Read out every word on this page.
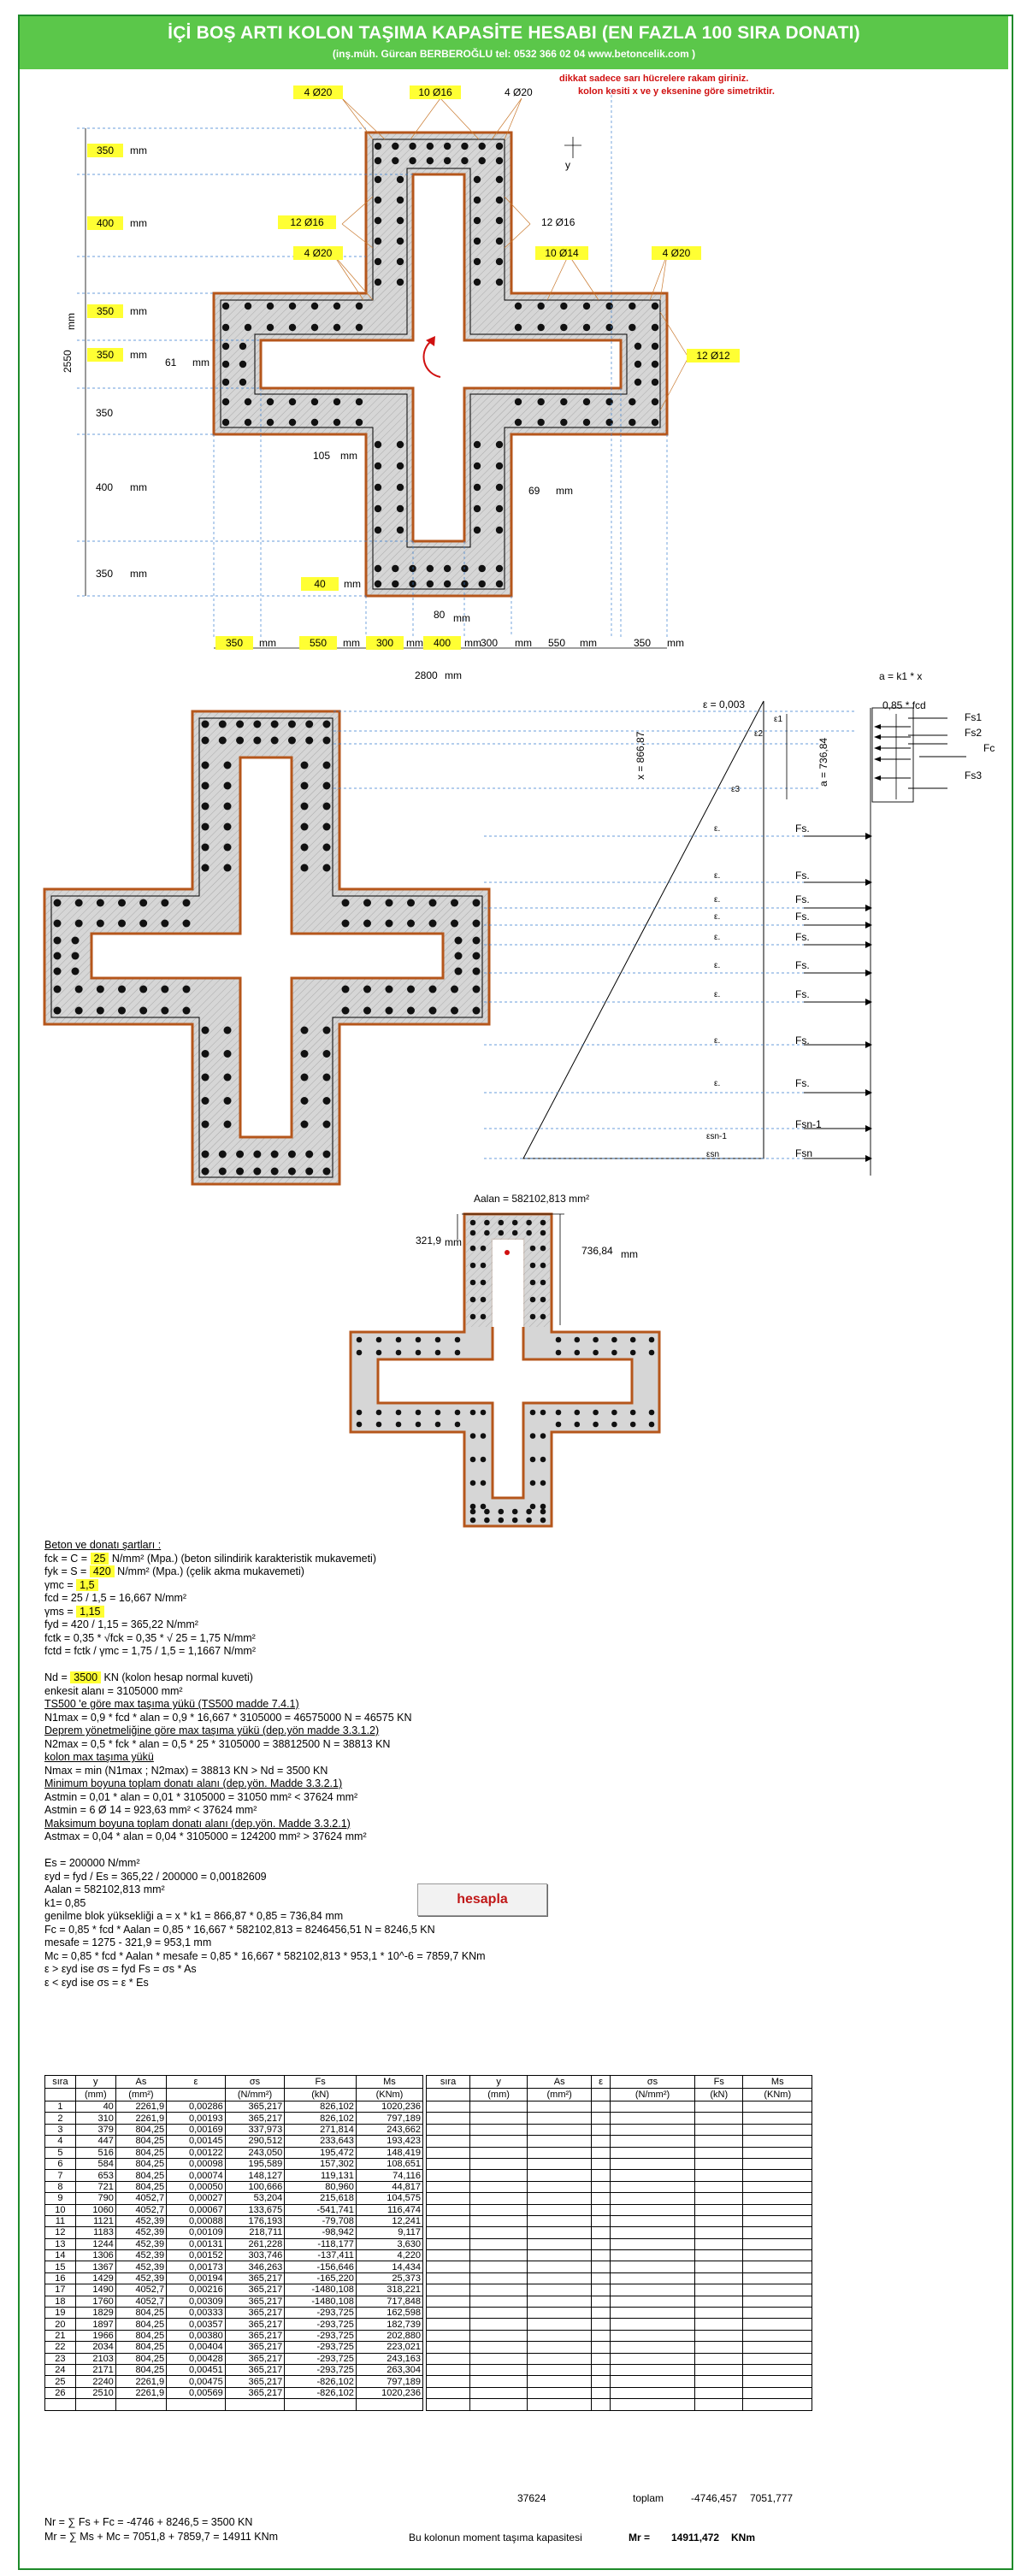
İÇİ BOŞ ARTI KOLON TAŞIMA KAPASİTE HESABI (EN FAZLA 100 SIRA DONATI)
(inş.müh. Gürcan BERBEROĞLU tel: 0532 366 02 04 www.betoncelik.com )
dikkat sadece sarı hücrelere rakam giriniz.
kolon kesiti x ve y eksenine göre simetriktir.
4 Ø20	10 Ø16	4 Ø20
12 Ø16	12 Ø16
4 Ø20	10 Ø14	4 Ø20
12 Ø12
y
350	mm
400	mm
350	mm
350	mm
350
400 mm
350 mm
2550
mm
61 mm
105 mm
69 mm
40	mm
80 mm
350	mm	550	mm	300	mm 400	mm 300 mm 550 mm	350 mm
2800 mm	a = k1 * x
ε = 0,003	0,85 * fcd
ε1
ε2
ε3
Fs1
Fs2
Fc
Fs3
x = 866,87	a = 736,84
ε.	Fs.
ε.	Fs.
ε.	Fs.
ε.	Fs.
ε.	Fs.
ε.	Fs.
ε.	Fs.
ε.	Fs.
ε.	Fs.
εsn-1
εsn
Fsn-1
Fsn
Aalan = 582102,813 mm²
321,9 mm
736,84 mm
Beton ve donatı şartları :
fck = C = 25 N/mm² (Mpa.) (beton silindirik karakteristik mukavemeti)
fyk = S = 420 N/mm² (Mpa.) (çelik akma mukavemeti)
γmc = 1,5
fcd = 25 / 1,5 = 16,667 N/mm²
γms = 1,15
fyd = 420 / 1,15 = 365,22 N/mm²
fctk = 0,35 * √fck = 0,35 * √ 25 = 1,75 N/mm²
fctd = fctk / γmc = 1,75 / 1,5 = 1,1667 N/mm²
Nd = 3500 KN (kolon hesap normal kuveti)
enkesit alanı = 3105000 mm²
TS500 'e göre max taşıma yükü (TS500 madde 7.4.1)
N1max = 0,9 * fcd * alan = 0,9 * 16,667 * 3105000 = 46575000 N = 46575 KN
Deprem yönetmeliğine göre max taşıma yükü (dep.yön madde 3.3.1.2)
N2max = 0,5 * fck * alan = 0,5 * 25 * 3105000 = 38812500 N = 38813 KN
kolon max taşıma yükü
Nmax = min (N1max ; N2max) = 38813 KN > Nd = 3500 KN
Minimum boyuna toplam donatı alanı (dep.yön. Madde 3.3.2.1)
Astmin = 0,01 * alan = 0,01 * 3105000 = 31050 mm² < 37624 mm²
Astmin = 6 Ø 14 = 923,63 mm² < 37624 mm²
Maksimum boyuna toplam donatı alanı (dep.yön. Madde 3.3.2.1)
Astmax = 0,04 * alan = 0,04 * 3105000 = 124200 mm² > 37624 mm²
Es = 200000 N/mm²
εyd = fyd / Es = 365,22 / 200000 = 0,00182609
Aalan = 582102,813 mm²
k1= 0,85
genilme blok yüksekliği a = x * k1 = 866,87 * 0,85 = 736,84 mm
Fc = 0,85 * fcd * Aalan = 0,85 * 16,667 * 582102,813 = 8246456,51 N = 8246,5 KN
mesafe = 1275 - 321,9 = 953,1 mm
Mc = 0,85 * fcd * Aalan * mesafe = 0,85 * 16,667 * 582102,813 * 953,1 * 10^-6 = 7859,7 KNm
ε > εyd ise σs = fyd Fs = σs * As
ε < εyd ise σs = ε * Es
hesapla
sıra	y	As	ε	σs	Fs	Ms
	(mm)	(mm²)		(N/mm²)	(kN)	(KNm)
1	40	2261,9	0,00286	365,217	826,102	1020,236
2	310	2261,9	0,00193	365,217	826,102	797,189
3	379	804,25	0,00169	337,973	271,814	243,662
4	447	804,25	0,00145	290,512	233,643	193,423
5	516	804,25	0,00122	243,050	195,472	148,419
6	584	804,25	0,00098	195,589	157,302	108,651
7	653	804,25	0,00074	148,127	119,131	74,116
8	721	804,25	0,00050	100,666	80,960	44,817
9	790	4052,7	0,00027	53,204	215,618	104,575
10	1060	4052,7	0,00067	133,675	-541,741	116,474
11	1121	452,39	0,00088	176,193	-79,708	12,241
12	1183	452,39	0,00109	218,711	-98,942	9,117
13	1244	452,39	0,00131	261,228	-118,177	3,630
14	1306	452,39	0,00152	303,746	-137,411	4,220
15	1367	452,39	0,00173	346,263	-156,646	14,434
16	1429	452,39	0,00194	365,217	-165,220	25,373
17	1490	4052,7	0,00216	365,217	-1480,108	318,221
18	1760	4052,7	0,00309	365,217	-1480,108	717,848
19	1829	804,25	0,00333	365,217	-293,725	162,598
20	1897	804,25	0,00357	365,217	-293,725	182,739
21	1966	804,25	0,00380	365,217	-293,725	202,880
22	2034	804,25	0,00404	365,217	-293,725	223,021
23	2103	804,25	0,00428	365,217	-293,725	243,163
24	2171	804,25	0,00451	365,217	-293,725	263,304
25	2240	2261,9	0,00475	365,217	-826,102	797,189
26	2510	2261,9	0,00569	365,217	-826,102	1020,236

sıra	y	As	ε	σs	Fs	Ms
	(mm)	(mm²)		(N/mm²)	(kN)	(KNm)

37624	toplam	-4746,457 7051,777
Nr = ∑ Fs + Fc = -4746 + 8246,5 = 3500 KN
Mr = ∑ Ms + Mc = 7051,8 + 7859,7 = 14911 KNm	Bu kolonun moment taşıma kapasitesi	Mr = 14911,472 KNm
